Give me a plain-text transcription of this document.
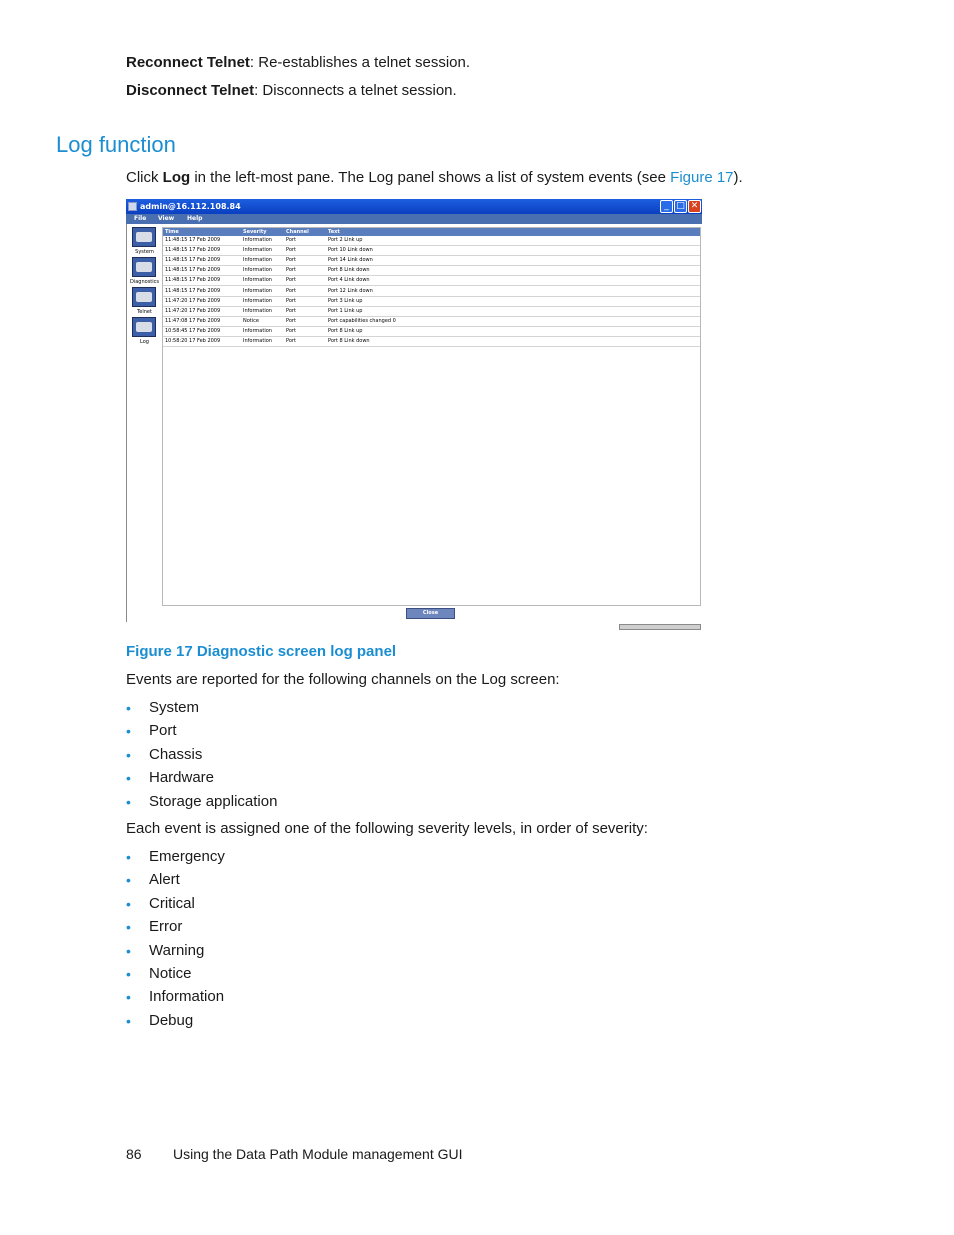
Reconnect Telnet: Re-establishes a telnet session.

Disconnect Telnet: Disconnects a telnet session.

Log function

Click Log in the left-most pane. The Log panel shows a list of system events (see Figure 17).

admin@16.112.108.84	_ □ ✕
File View Help
System
Diagnostics
Telnet
Log
Time	Severity	Channel	Text
11:48:15 17 Feb 2009	Information	Port	Port 2 Link up
11:48:15 17 Feb 2009	Information	Port	Port 10 Link down
11:48:15 17 Feb 2009	Information	Port	Port 14 Link down
11:48:15 17 Feb 2009	Information	Port	Port 8 Link down
11:48:15 17 Feb 2009	Information	Port	Port 4 Link down
11:48:15 17 Feb 2009	Information	Port	Port 12 Link down
11:47:20 17 Feb 2009	Information	Port	Port 3 Link up
11:47:20 17 Feb 2009	Information	Port	Port 1 Link up
11:47:08 17 Feb 2009	Notice	Port	Port capabilities changed 0
10:58:45 17 Feb 2009	Information	Port	Port 8 Link up
10:58:20 17 Feb 2009	Information	Port	Port 8 Link down
Close

Figure 17 Diagnostic screen log panel

Events are reported for the following channels on the Log screen:

• System
• Port
• Chassis
• Hardware
• Storage application

Each event is assigned one of the following severity levels, in order of severity:

• Emergency
• Alert
• Critical
• Error
• Warning
• Notice
• Information
• Debug
86 Using the Data Path Module management GUI
